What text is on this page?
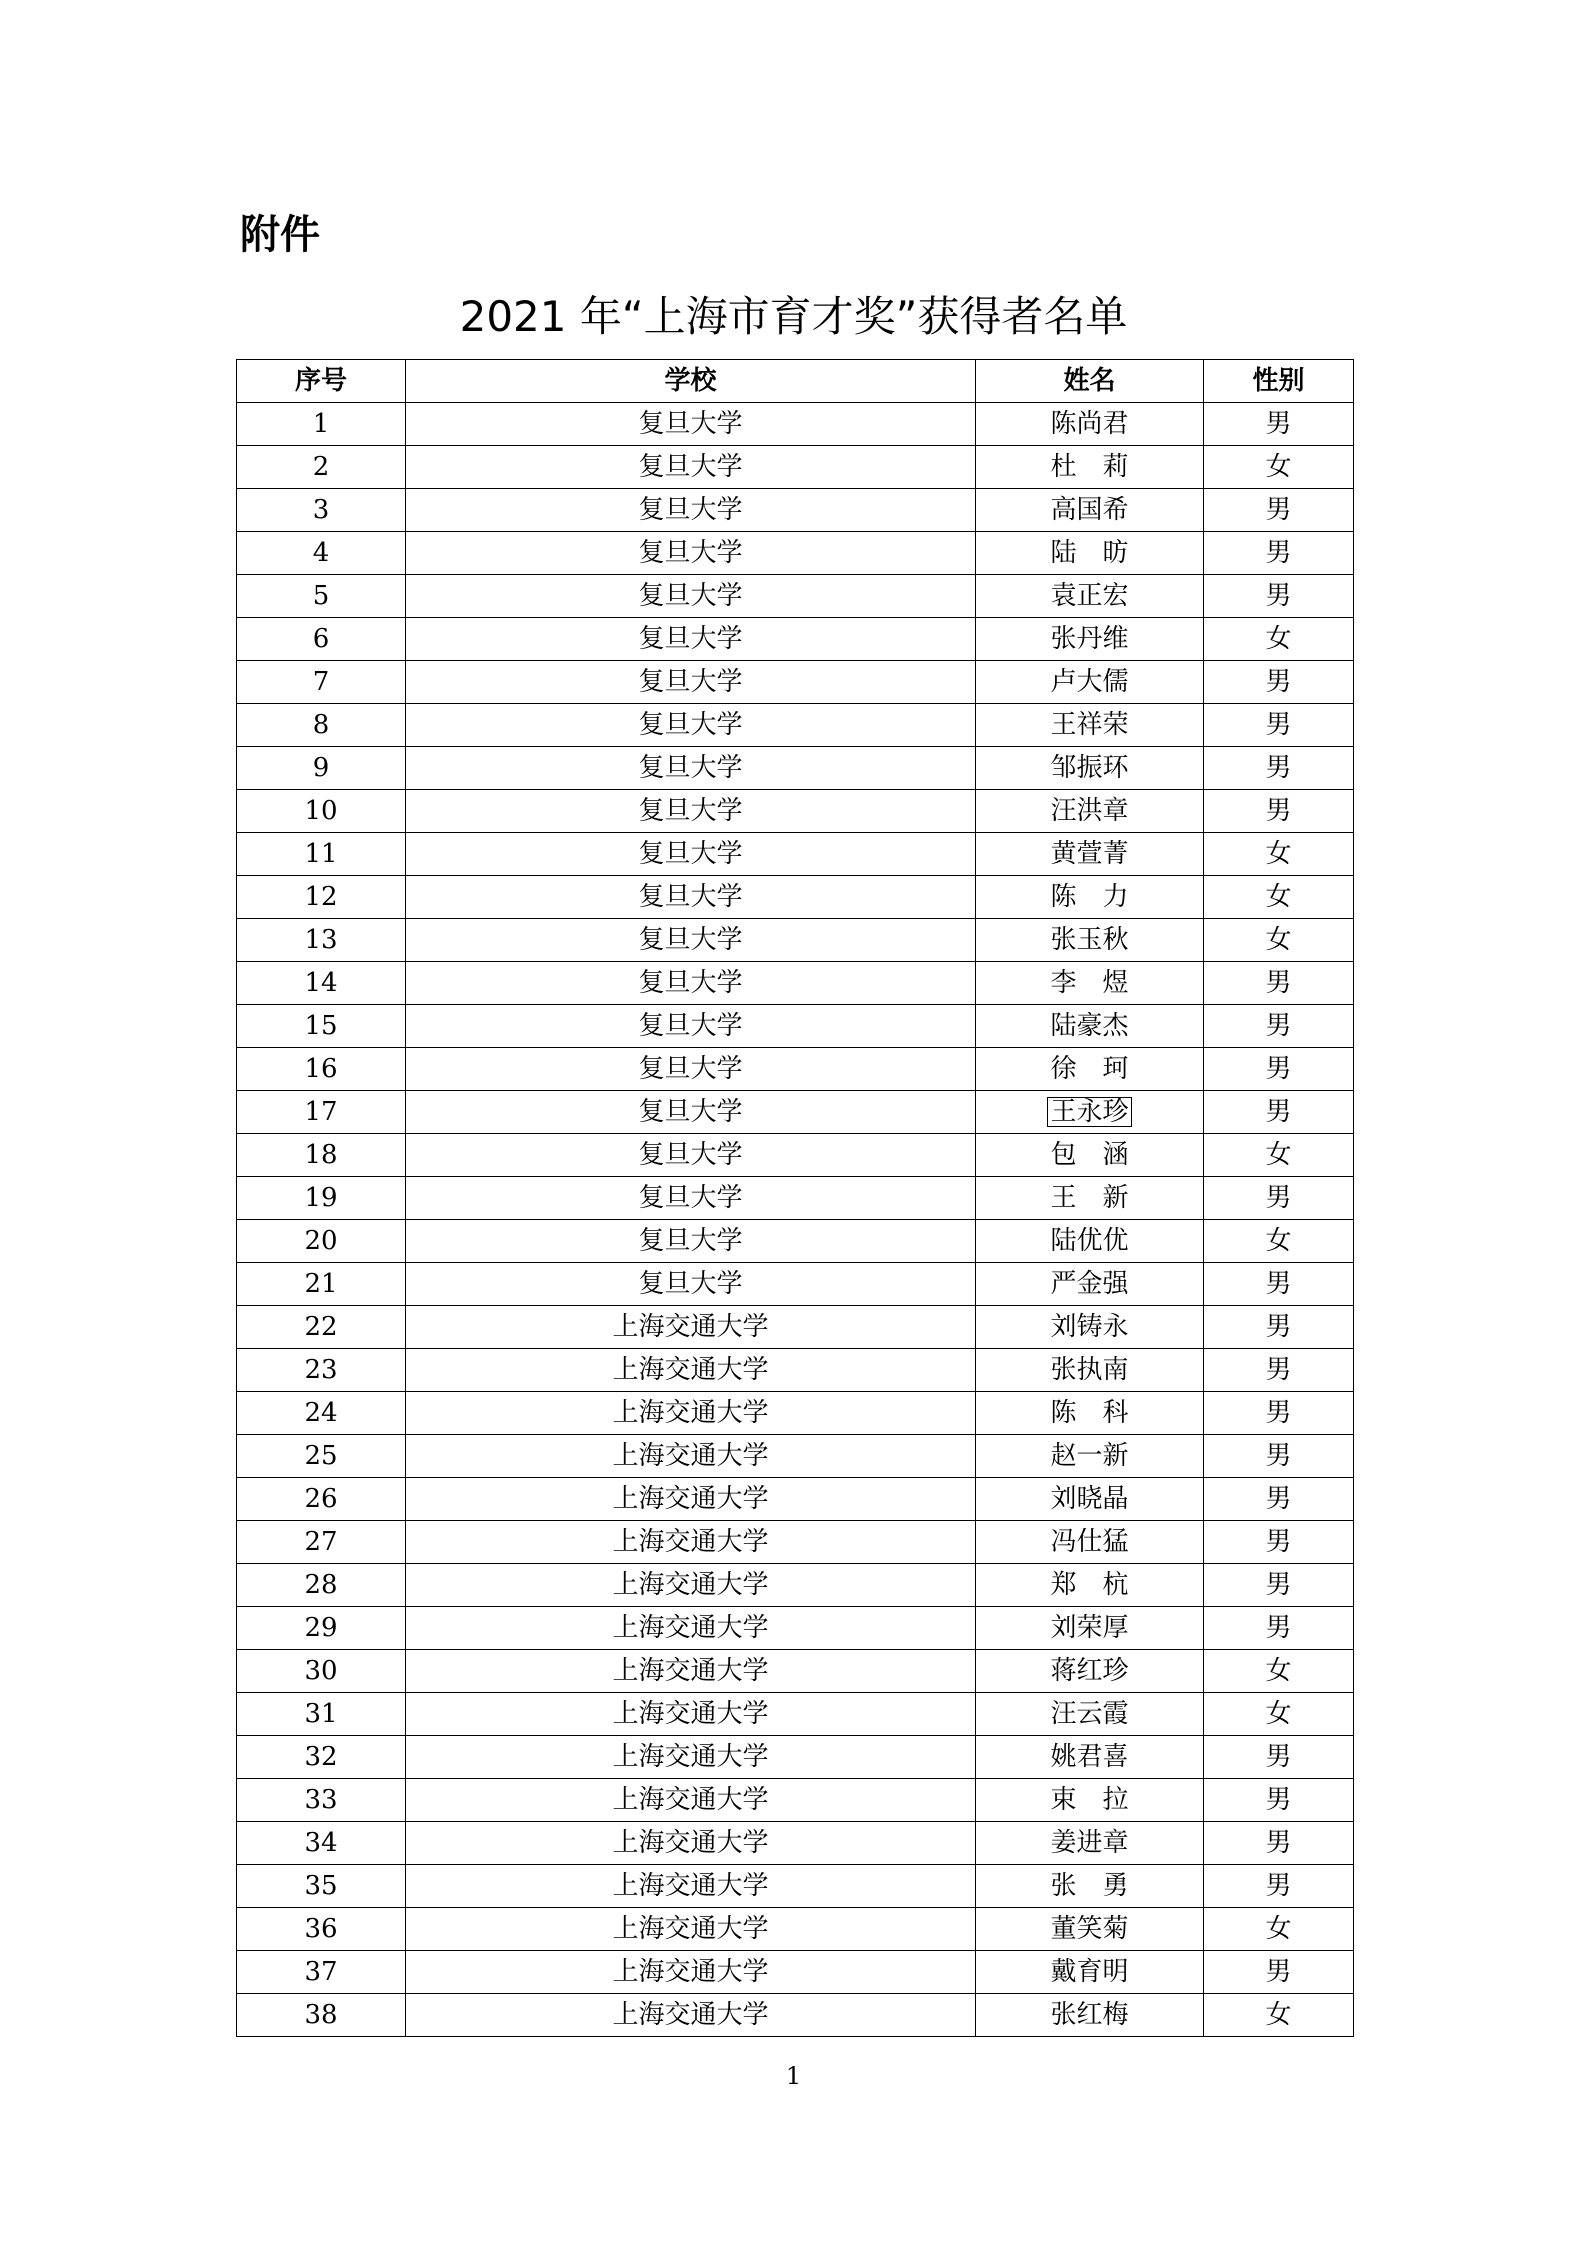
附件
2021 年“上海市育才奖”获得者名单
序号	学校	姓名	性别
1	复旦大学	陈尚君	男
2	复旦大学	杜　莉	女
3	复旦大学	高国希	男
4	复旦大学	陆　昉	男
5	复旦大学	袁正宏	男
6	复旦大学	张丹维	女
7	复旦大学	卢大儒	男
8	复旦大学	王祥荣	男
9	复旦大学	邹振环	男
10	复旦大学	汪洪章	男
11	复旦大学	黄萱菁	女
12	复旦大学	陈　力	女
13	复旦大学	张玉秋	女
14	复旦大学	李　煜	男
15	复旦大学	陆豪杰	男
16	复旦大学	徐　珂	男
17	复旦大学	王永珍	男
18	复旦大学	包　涵	女
19	复旦大学	王　新	男
20	复旦大学	陆优优	女
21	复旦大学	严金强	男
22	上海交通大学	刘铸永	男
23	上海交通大学	张执南	男
24	上海交通大学	陈　科	男
25	上海交通大学	赵一新	男
26	上海交通大学	刘晓晶	男
27	上海交通大学	冯仕猛	男
28	上海交通大学	郑　杭	男
29	上海交通大学	刘荣厚	男
30	上海交通大学	蒋红珍	女
31	上海交通大学	汪云霞	女
32	上海交通大学	姚君喜	男
33	上海交通大学	束　拉	男
34	上海交通大学	姜进章	男
35	上海交通大学	张　勇	男
36	上海交通大学	董笑菊	女
37	上海交通大学	戴育明	男
38	上海交通大学	张红梅	女
1
